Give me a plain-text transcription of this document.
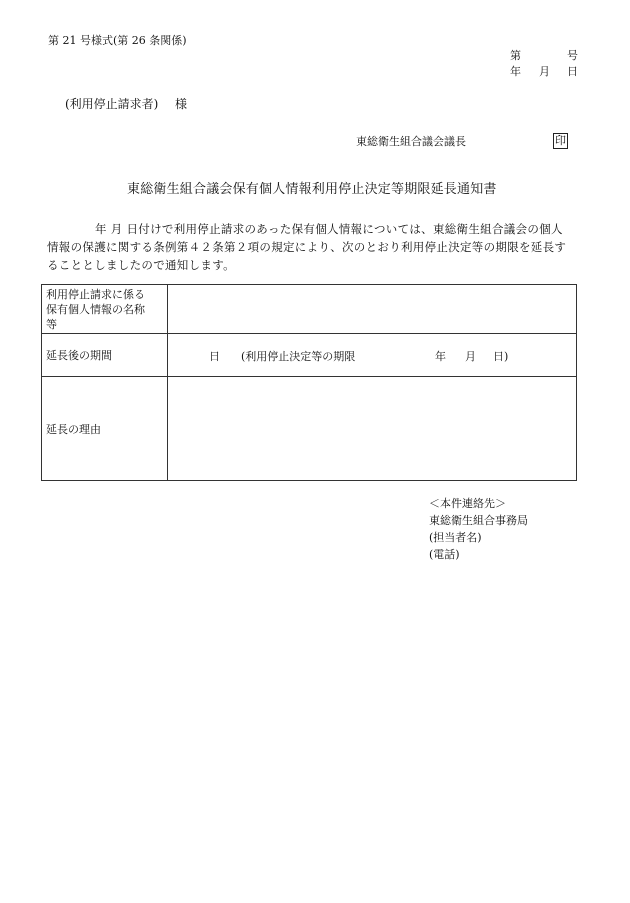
第 21 号様式(第 26 条関係)
第	号
年 月 日
(利用停止請求者) 様
東総衛生組合議会議長	印
東総衛生組合議会保有個人情報利用停止決定等期限延長通知書
年 月 日付けで利用停止請求のあった保有個人情報については、東総衛生組合議会の個人
情報の保護に関する条例第４２条第２項の規定により、次のとおり利用停止決定等の期限を延長す
ることとしましたので通知します。
利用停止請求に係る
保有個人情報の名称
等	

延長後の期間	日 (利用停止決定等の期限 年 月 日)

延長の理由	
＜本件連絡先＞
東総衛生組合事務局
(担当者名)
(電話)
